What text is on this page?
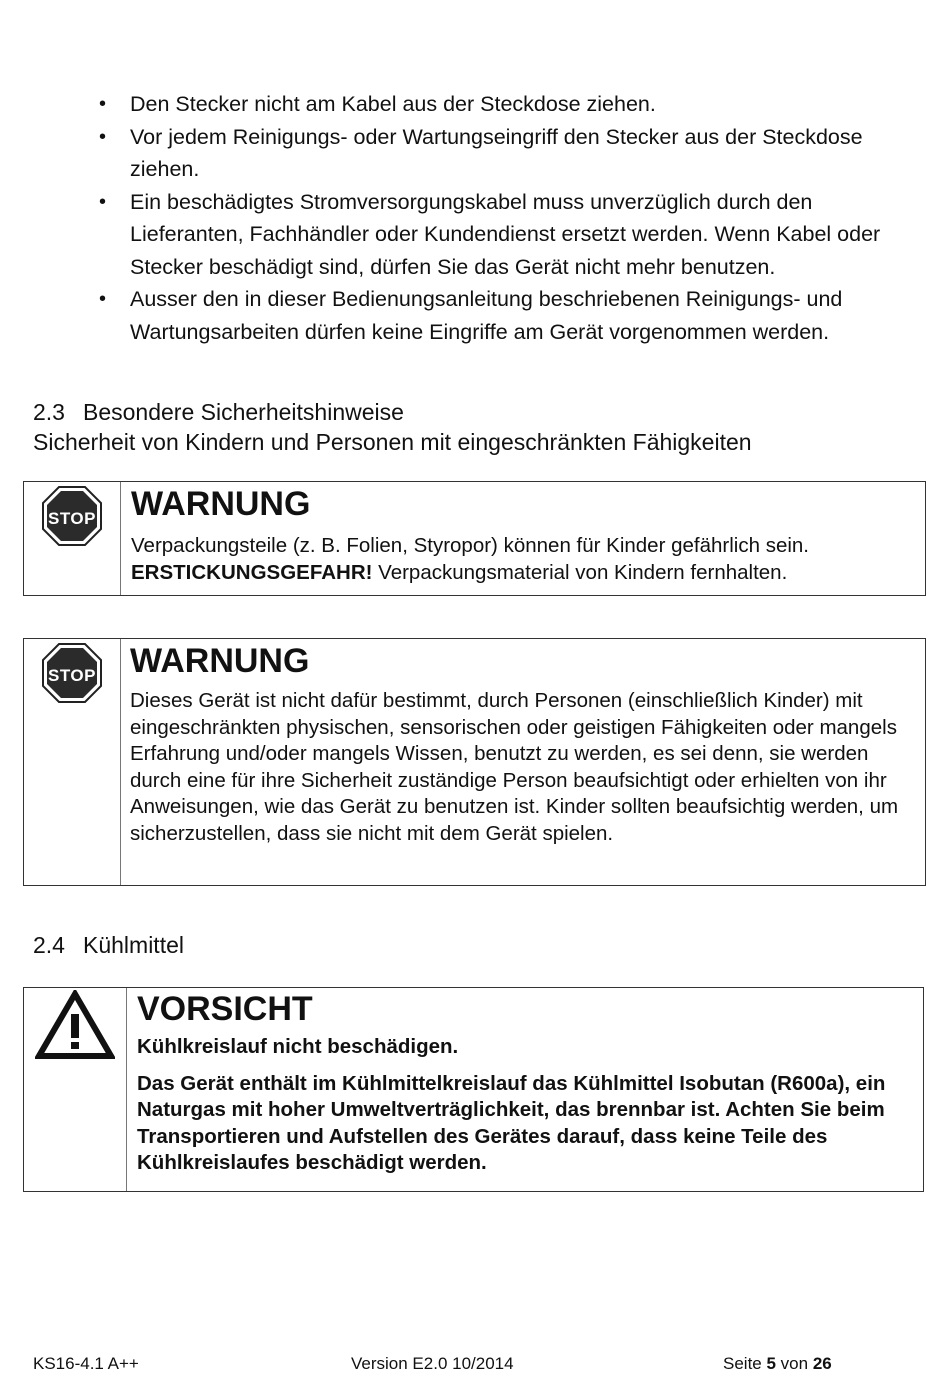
• Den Stecker nicht am Kabel aus der Steckdose ziehen.
• Vor jedem Reinigungs- oder Wartungseingriff den Stecker aus der Steckdose ziehen.
• Ein beschädigtes Stromversorgungskabel muss unverzüglich durch den Lieferanten, Fachhändler oder Kundendienst ersetzt werden. Wenn Kabel oder Stecker beschädigt sind, dürfen Sie das Gerät nicht mehr benutzen.
• Ausser den in dieser Bedienungsanleitung beschriebenen Reinigungs- und Wartungsarbeiten dürfen keine Eingriffe am Gerät vorgenommen werden.
2.3 Besondere Sicherheitshinweise
Sicherheit von Kindern und Personen mit eingeschränkten Fähigkeiten
STOP WARNUNG

Verpackungsteile (z. B. Folien, Styropor) können für Kinder gefährlich sein.

ERSTICKUNGSGEFAHR! Verpackungsmaterial von Kindern fernhalten.

STOP WARNUNG

Dieses Gerät ist nicht dafür bestimmt, durch Personen (einschließlich Kinder) mit eingeschränkten physischen, sensorischen oder geistigen Fähigkeiten oder mangels Erfahrung und/oder mangels Wissen, benutzt zu werden, es sei denn, sie werden durch eine für ihre Sicherheit zuständige Person beaufsichtigt oder erhielten von ihr Anweisungen, wie das Gerät zu benutzen ist. Kinder sollten beaufsichtig werden, um sicherzustellen, dass sie nicht mit dem Gerät spielen.

2.4 Kühlmittel
VORSICHT

Kühlkreislauf nicht beschädigen.

Das Gerät enthält im Kühlmittelkreislauf das Kühlmittel Isobutan (R600a), ein Naturgas mit hoher Umweltverträglichkeit, das brennbar ist. Achten Sie beim Transportieren und Aufstellen des Gerätes darauf, dass keine Teile des Kühlkreislaufes beschädigt werden.

KS16-4.1 A++	Version E2.0 10/2014	Seite 5 von 26
